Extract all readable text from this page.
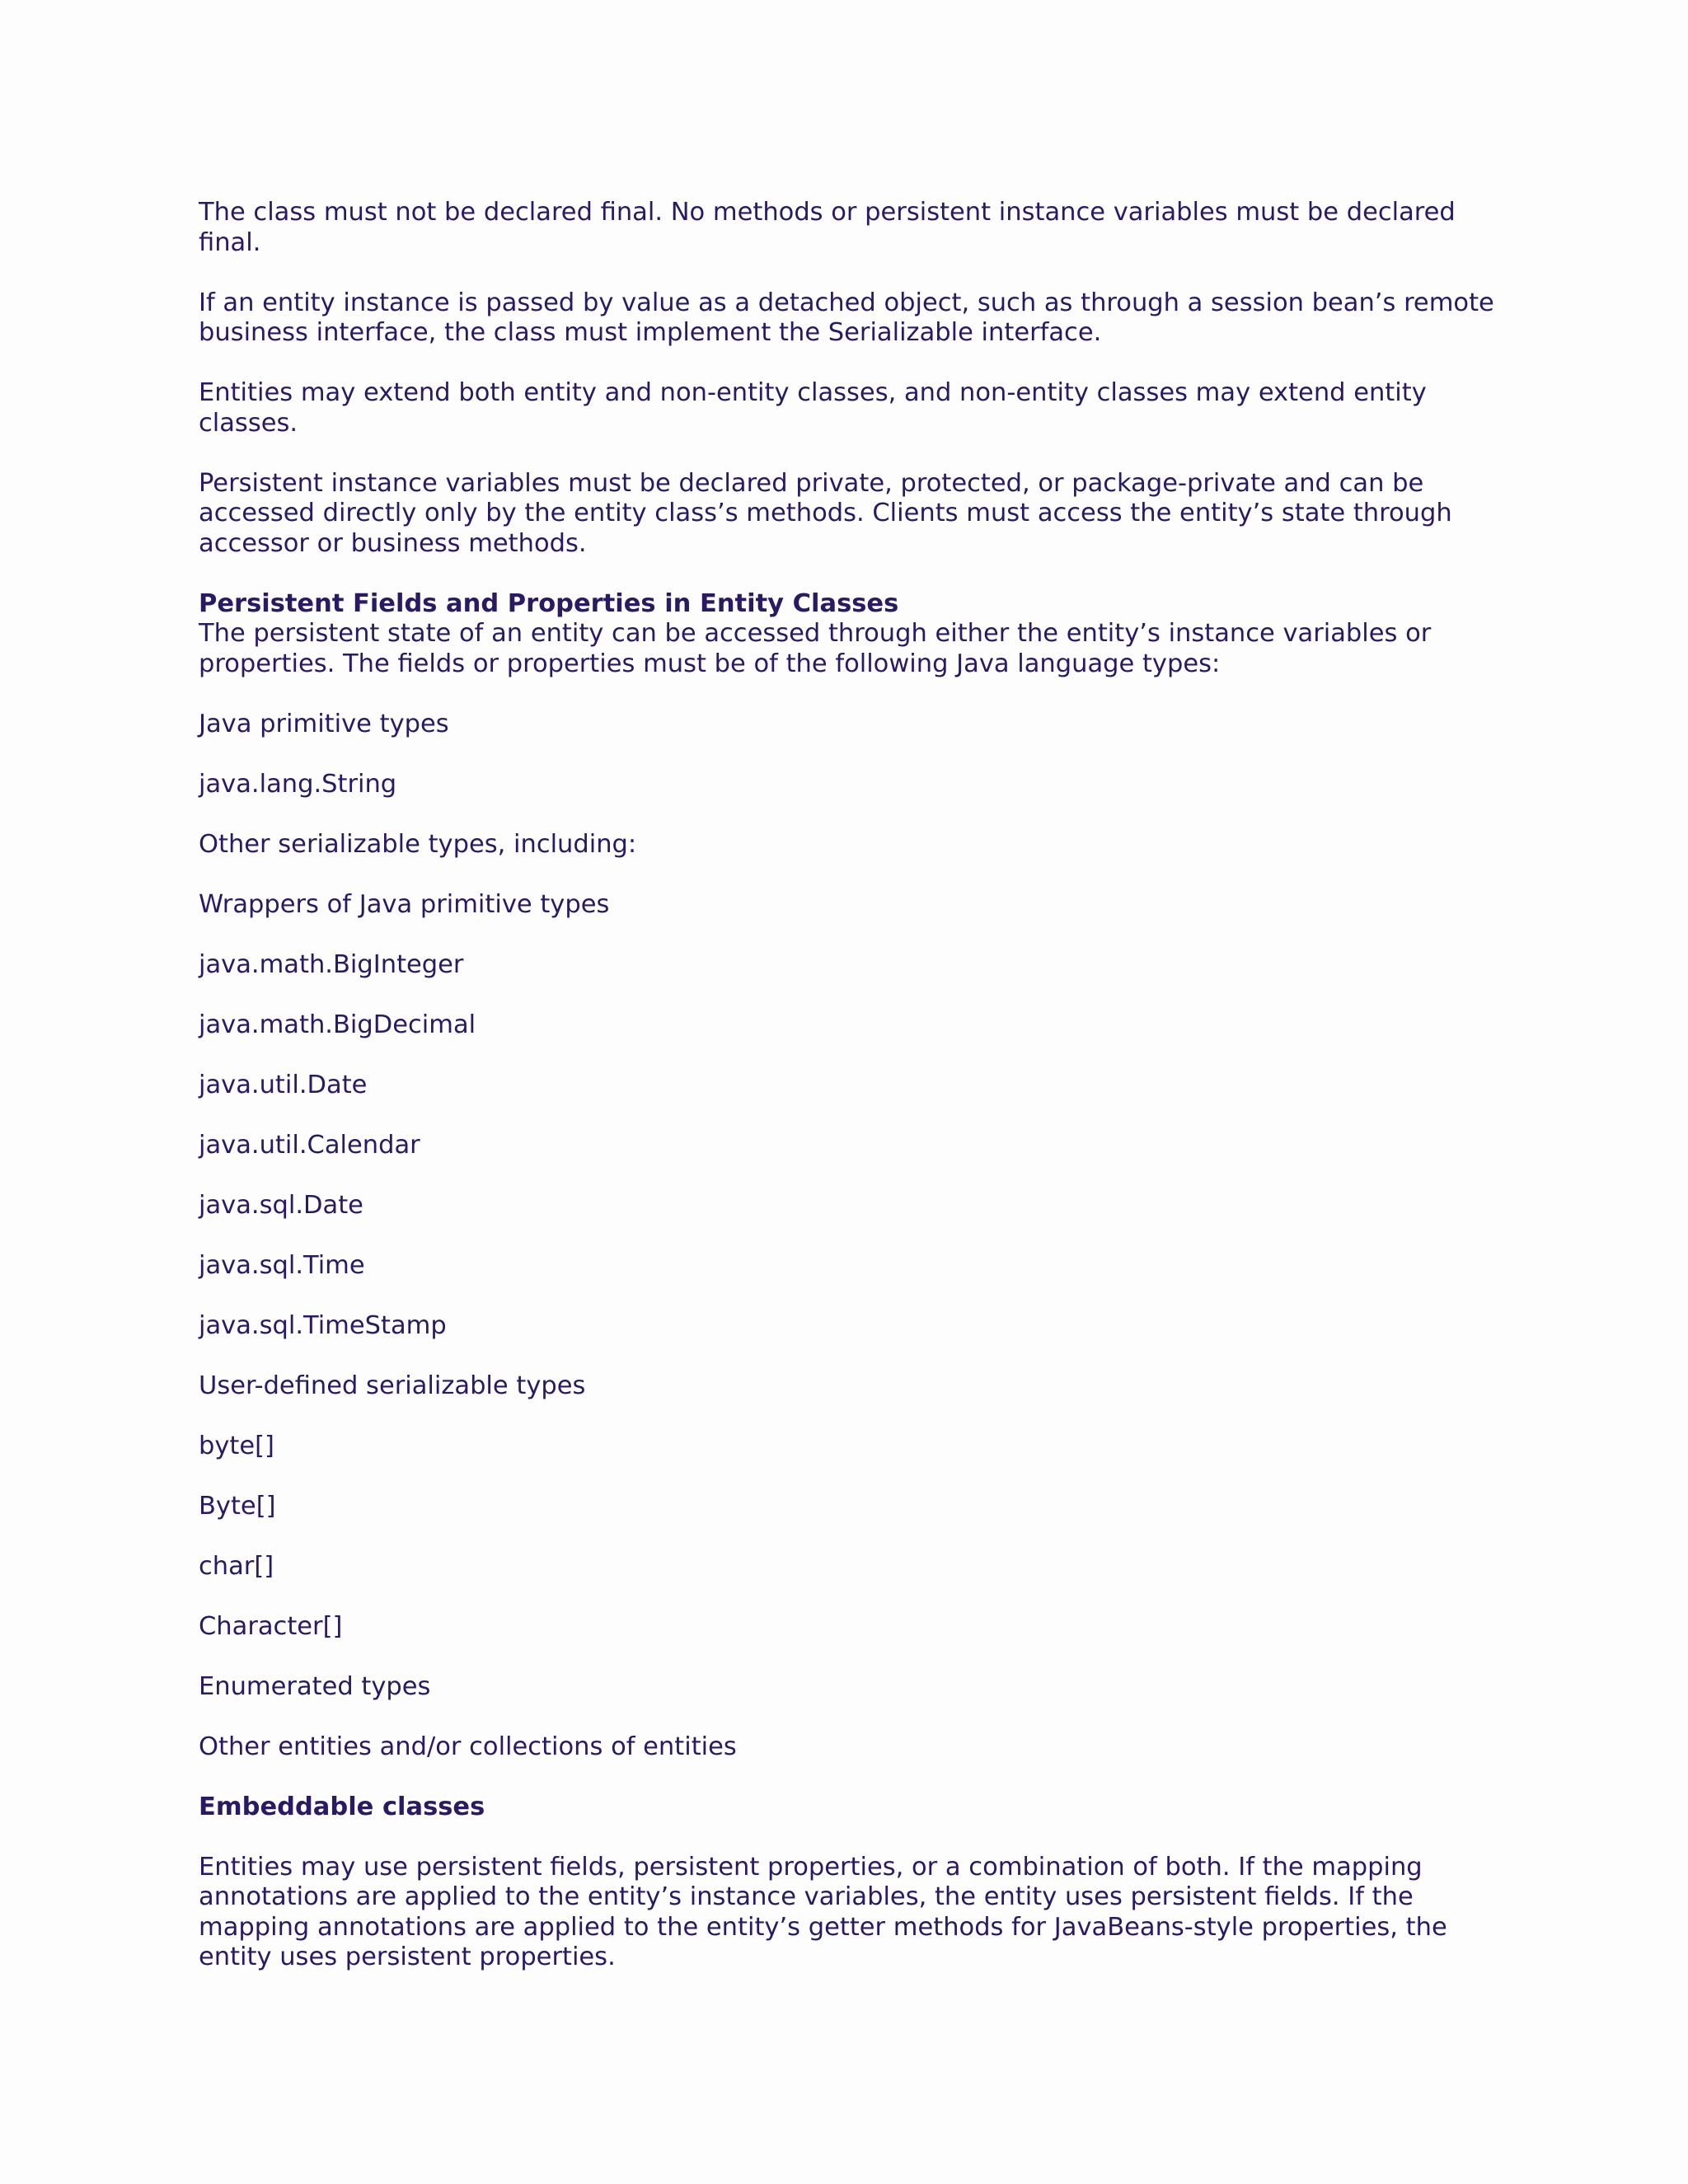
The class must not be declared final. No methods or persistent instance variables must be declared final.

If an entity instance is passed by value as a detached object, such as through a session bean’s remote business interface, the class must implement the Serializable interface.

Entities may extend both entity and non-entity classes, and non-entity classes may extend entity classes.

Persistent instance variables must be declared private, protected, or package-private and can be accessed directly only by the entity class’s methods. Clients must access the entity’s state through accessor or business methods.

Persistent Fields and Properties in Entity Classes

The persistent state of an entity can be accessed through either the entity’s instance variables or properties. The fields or properties must be of the following Java language types:

Java primitive types

java.lang.String

Other serializable types, including:

Wrappers of Java primitive types

java.math.BigInteger

java.math.BigDecimal

java.util.Date

java.util.Calendar

java.sql.Date

java.sql.Time

java.sql.TimeStamp

User-defined serializable types

byte[]

Byte[]

char[]

Character[]

Enumerated types

Other entities and/or collections of entities

Embeddable classes

Entities may use persistent fields, persistent properties, or a combination of both. If the mapping annotations are applied to the entity’s instance variables, the entity uses persistent fields. If the mapping annotations are applied to the entity’s getter methods for JavaBeans-style properties, the entity uses persistent properties.
